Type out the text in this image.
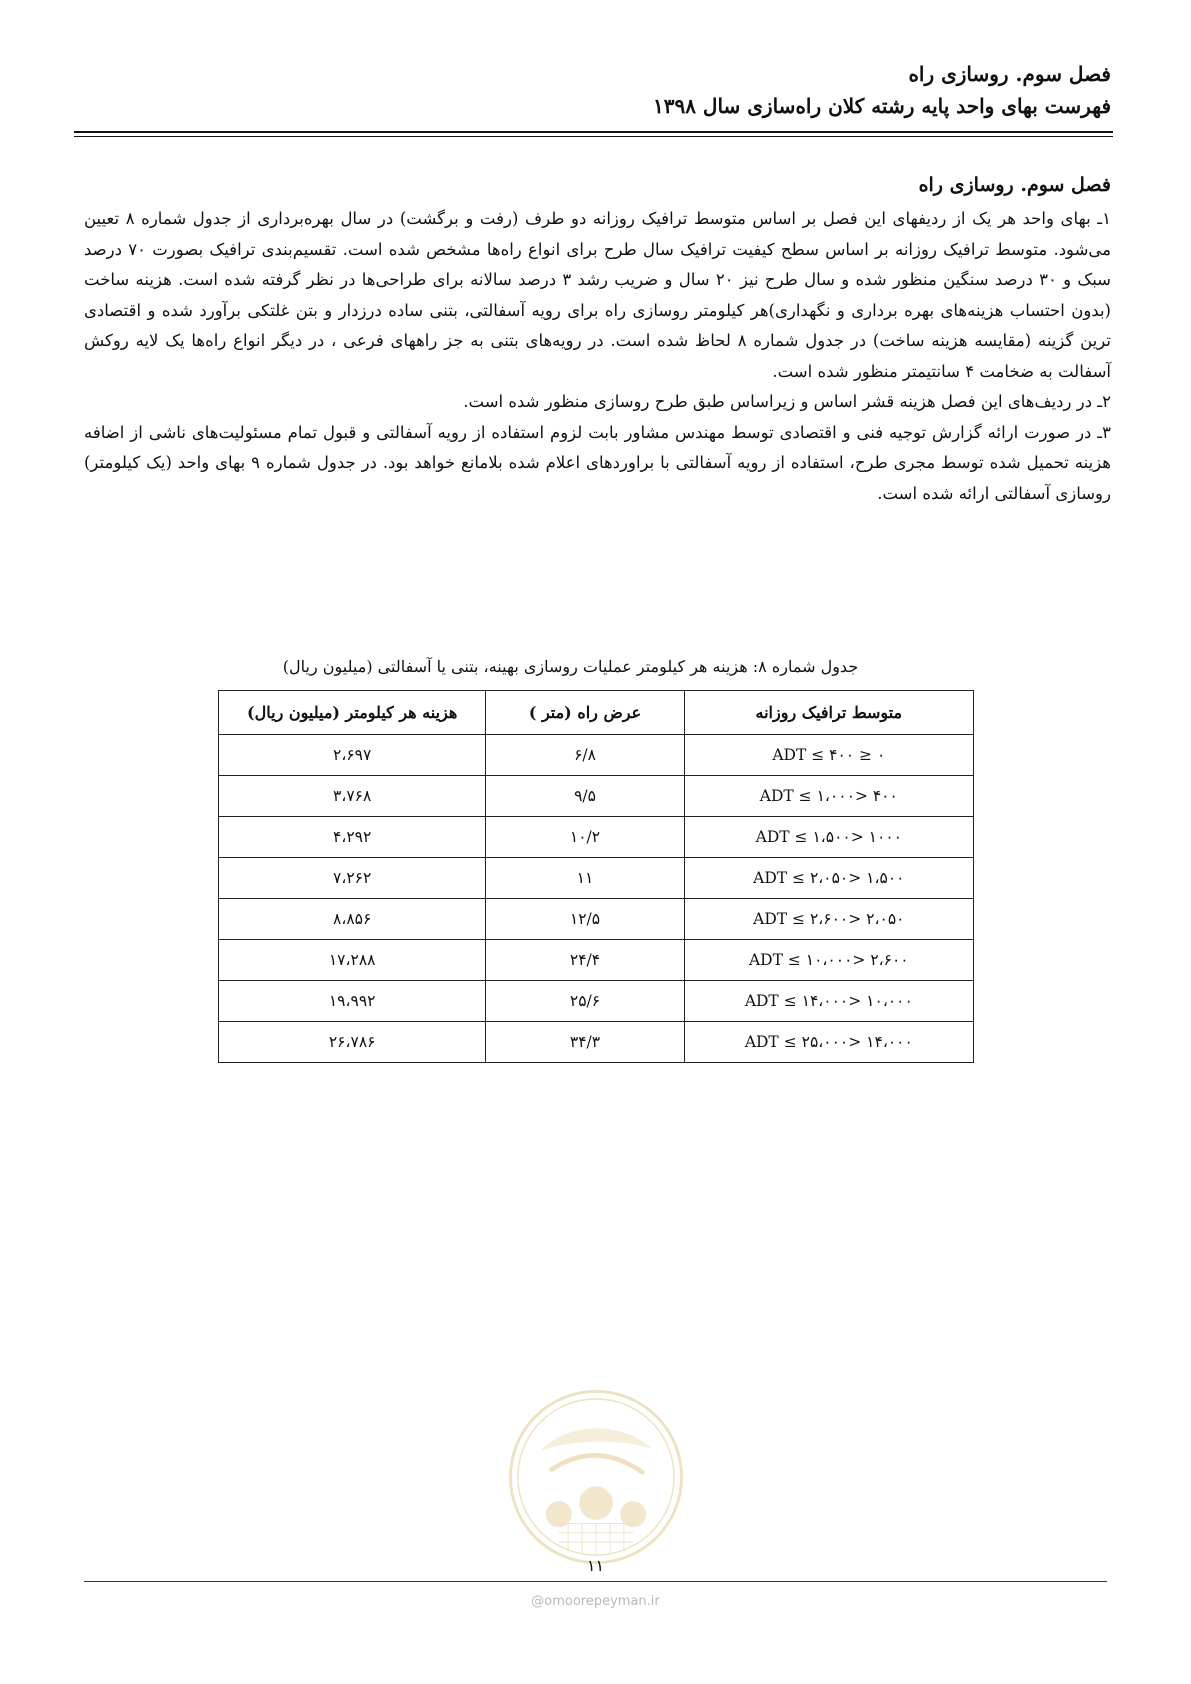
فصل سوم. روسازی راه
فهرست بهای واحد پایه رشته کلان راه‌سازی سال ۱۳۹۸
فصل سوم. روسازی راه

۱ـ بهای واحد هر یک از ردیفهای این فصل بر اساس متوسط ترافیک روزانه دو طرف (رفت و برگشت) در سال بهره‌برداری از جدول شماره ۸ تعیین می‌شود. متوسط ترافیک روزانه بر اساس سطح کیفیت ترافیک سال طرح برای انواع راه‌ها مشخص شده است. تقسیم‌بندی ترافیک بصورت ۷۰ درصد سبک و ۳۰ درصد سنگین منظور شده و سال طرح نیز ۲۰ سال و ضریب رشد ۳ درصد سالانه برای طراحی‌ها در نظر گرفته شده است. هزینه ساخت (بدون احتساب هزینه‌های بهره برداری و نگهداری)هر کیلومتر روسازی راه برای رویه آسفالتی، بتنی ساده درزدار و بتن غلتکی برآورد شده و اقتصادی ترین گزینه (مقایسه هزینه ساخت) در جدول شماره ۸ لحاظ شده است. در رویه‌های بتنی به جز راههای فرعی ، در دیگر انواع راه‌ها یک لایه روکش آسفالت به ضخامت ۴ سانتیمتر منظور شده است.

۲ـ در ردیف‌های این فصل هزینه قشر اساس و زیراساس طبق طرح روسازی منظور شده است.

۳ـ در صورت ارائه گزارش توجیه فنی و اقتصادی توسط مهندس مشاور بابت لزوم استفاده از رویه آسفالتی و قبول تمام مسئولیت‌های ناشی از اضافه هزینه تحمیل شده توسط مجری طرح، استفاده از رویه آسفالتی با براوردهای اعلام شده بلامانع خواهد بود. در جدول شماره ۹ بهای واحد (یک کیلومتر) روسازی آسفالتی ارائه شده است.

جدول شماره ۸: هزینه هر کیلومتر عملیات روسازی بهینه، بتنی یا آسفالتی (میلیون ریال)
متوسط ترافیک روزانه	عرض راه (متر )	هزینه هر کیلومتر (میلیون ریال)
۰ ≤ ADT ≤ ۴۰۰	۶/۸	۲،۶۹۷
۴۰۰ <ADT ≤ ۱،۰۰۰	۹/۵	۳،۷۶۸
۱۰۰۰ <ADT ≤ ۱،۵۰۰	۱۰/۲	۴،۲۹۲
۱،۵۰۰ <ADT ≤ ۲،۰۵۰	۱۱	۷،۲۶۲
۲،۰۵۰ <ADT ≤ ۲،۶۰۰	۱۲/۵	۸،۸۵۶
۲،۶۰۰ <ADT ≤ ۱۰،۰۰۰	۲۴/۴	۱۷،۲۸۸
۱۰،۰۰۰ <ADT ≤ ۱۴،۰۰۰	۲۵/۶	۱۹،۹۹۲
۱۴،۰۰۰ <ADT ≤ ۲۵،۰۰۰	۳۴/۳	۲۶،۷۸۶
۱۱
@omoorepeyman.ir
